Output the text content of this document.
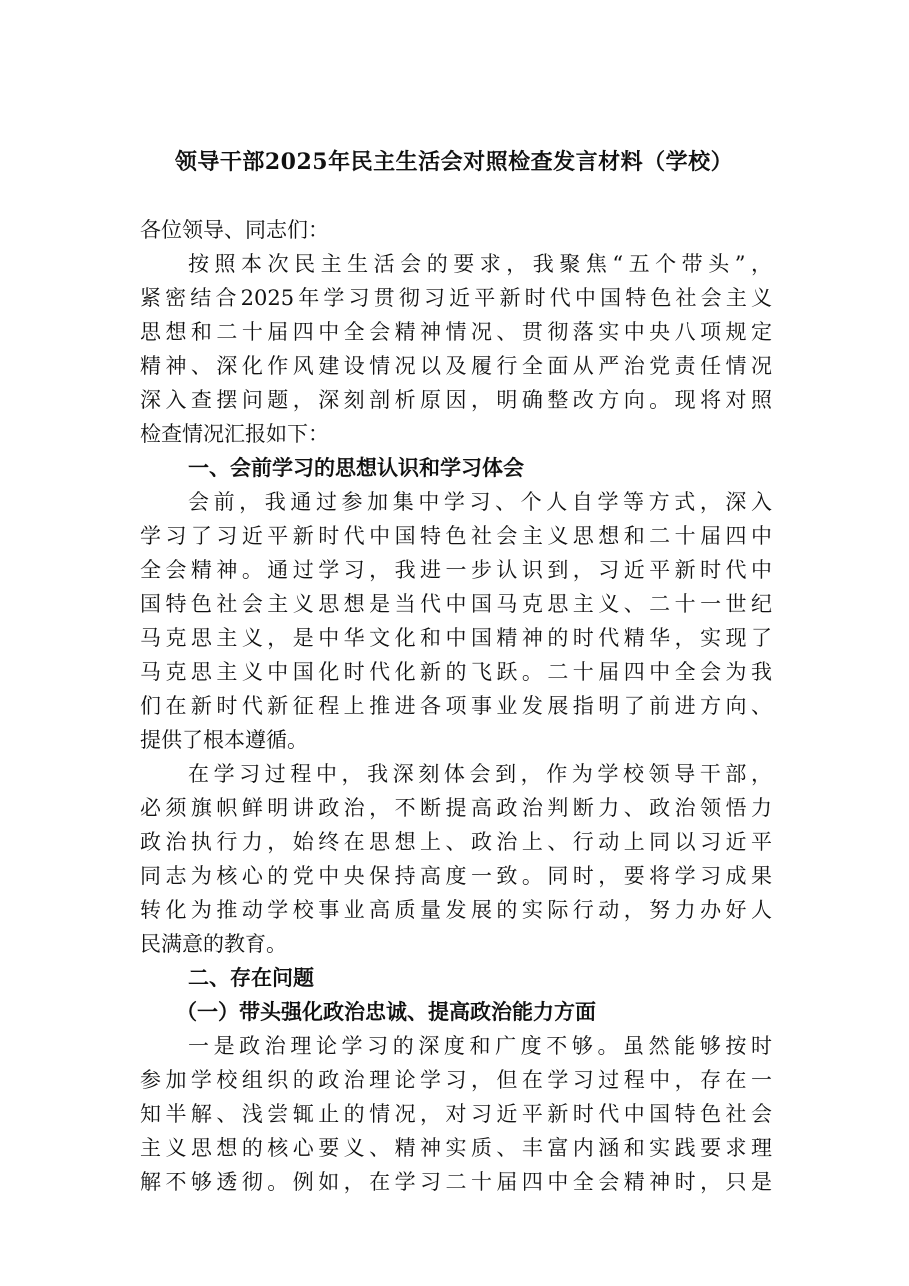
领导干部2025年民主生活会对照检查发言材料（学校）
各位领导、同志们：
按照本次民主生活会的要求，我聚焦“五个带头”，
紧密结合2025年学习贯彻习近平新时代中国特色社会主义
思想和二十届四中全会精神情况、贯彻落实中央八项规定
精神、深化作风建设情况以及履行全面从严治党责任情况
深入查摆问题，深刻剖析原因，明确整改方向。现将对照
检查情况汇报如下：
一、会前学习的思想认识和学习体会
会前，我通过参加集中学习、个人自学等方式，深入
学习了习近平新时代中国特色社会主义思想和二十届四中
全会精神。通过学习，我进一步认识到，习近平新时代中
国特色社会主义思想是当代中国马克思主义、二十一世纪
马克思主义，是中华文化和中国精神的时代精华，实现了
马克思主义中国化时代化新的飞跃。二十届四中全会为我
们在新时代新征程上推进各项事业发展指明了前进方向、
提供了根本遵循。
在学习过程中，我深刻体会到，作为学校领导干部，
必须旗帜鲜明讲政治，不断提高政治判断力、政治领悟力
政治执行力，始终在思想上、政治上、行动上同以习近平
同志为核心的党中央保持高度一致。同时，要将学习成果
转化为推动学校事业高质量发展的实际行动，努力办好人
民满意的教育。
二、存在问题
（一）带头强化政治忠诚、提高政治能力方面
一是政治理论学习的深度和广度不够。虽然能够按时
参加学校组织的政治理论学习，但在学习过程中，存在一
知半解、浅尝辄止的情况，对习近平新时代中国特色社会
主义思想的核心要义、精神实质、丰富内涵和实践要求理
解不够透彻。例如，在学习二十届四中全会精神时，只是
